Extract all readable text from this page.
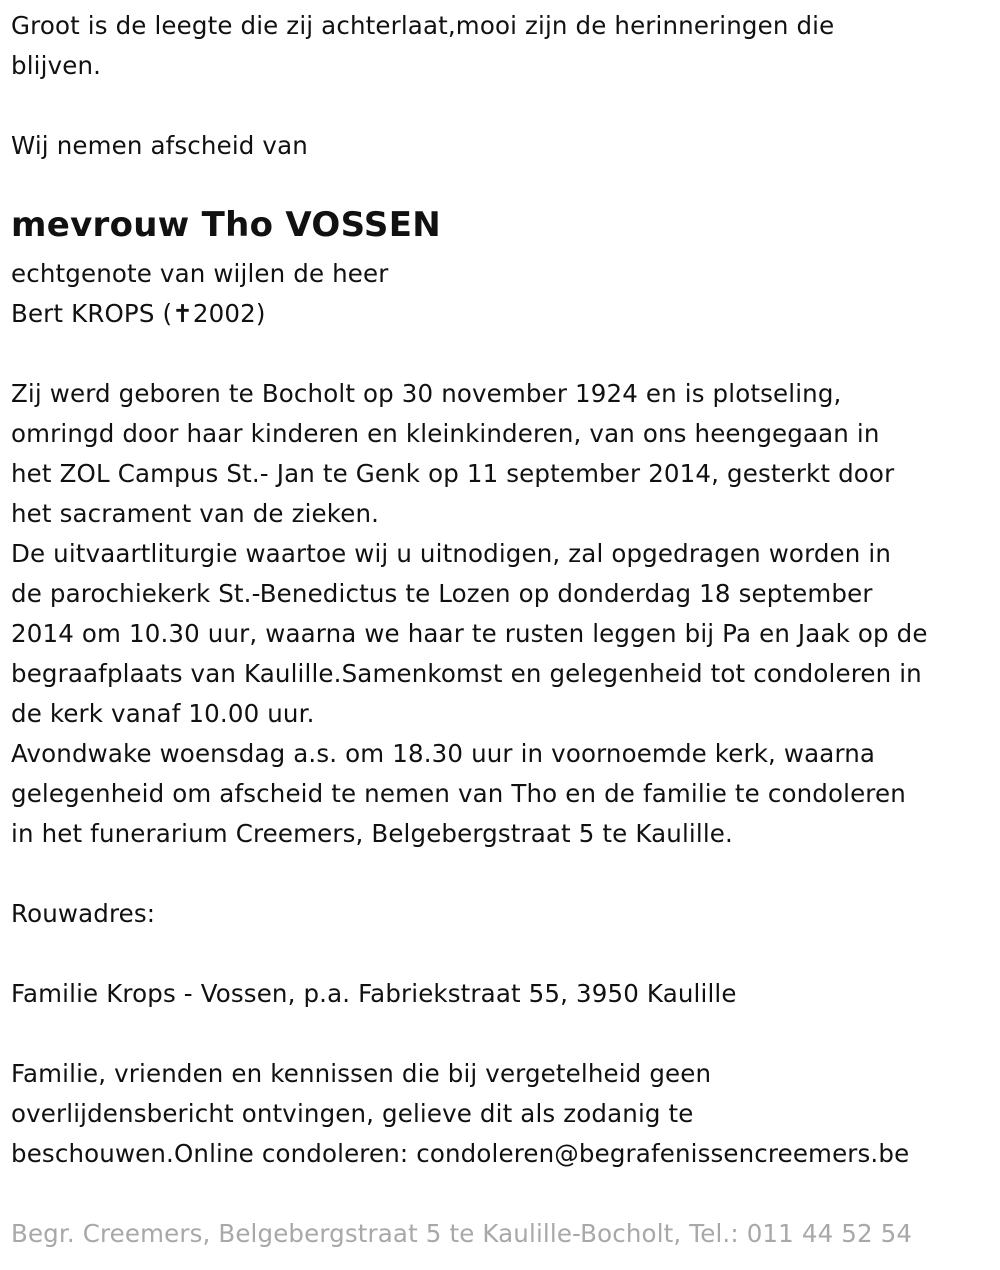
Groot is de leegte die zij achterlaat,mooi zijn de herinneringen die

blijven.

Wij nemen afscheid van

mevrouw Tho VOSSEN

echtgenote van wijlen de heer

Bert KROPS (✝2002)

Zij werd geboren te Bocholt op 30 november 1924 en is plotseling,

omringd door haar kinderen en kleinkinderen, van ons heengegaan in

het ZOL Campus St.- Jan te Genk op 11 september 2014, gesterkt door

het sacrament van de zieken.

De uitvaartliturgie waartoe wij u uitnodigen, zal opgedragen worden in

de parochiekerk St.-Benedictus te Lozen op donderdag 18 september

2014 om 10.30 uur, waarna we haar te rusten leggen bij Pa en Jaak op de

begraafplaats van Kaulille.Samenkomst en gelegenheid tot condoleren in

de kerk vanaf 10.00 uur.

Avondwake woensdag a.s. om 18.30 uur in voornoemde kerk, waarna

gelegenheid om afscheid te nemen van Tho en de familie te condoleren

in het funerarium Creemers, Belgebergstraat 5 te Kaulille.

Rouwadres:

Familie Krops - Vossen, p.a. Fabriekstraat 55, 3950 Kaulille

Familie, vrienden en kennissen die bij vergetelheid geen

overlijdensbericht ontvingen, gelieve dit als zodanig te

beschouwen.Online condoleren: condoleren@begrafenissencreemers.be

Begr. Creemers, Belgebergstraat 5 te Kaulille-Bocholt, Tel.: 011 44 52 54
